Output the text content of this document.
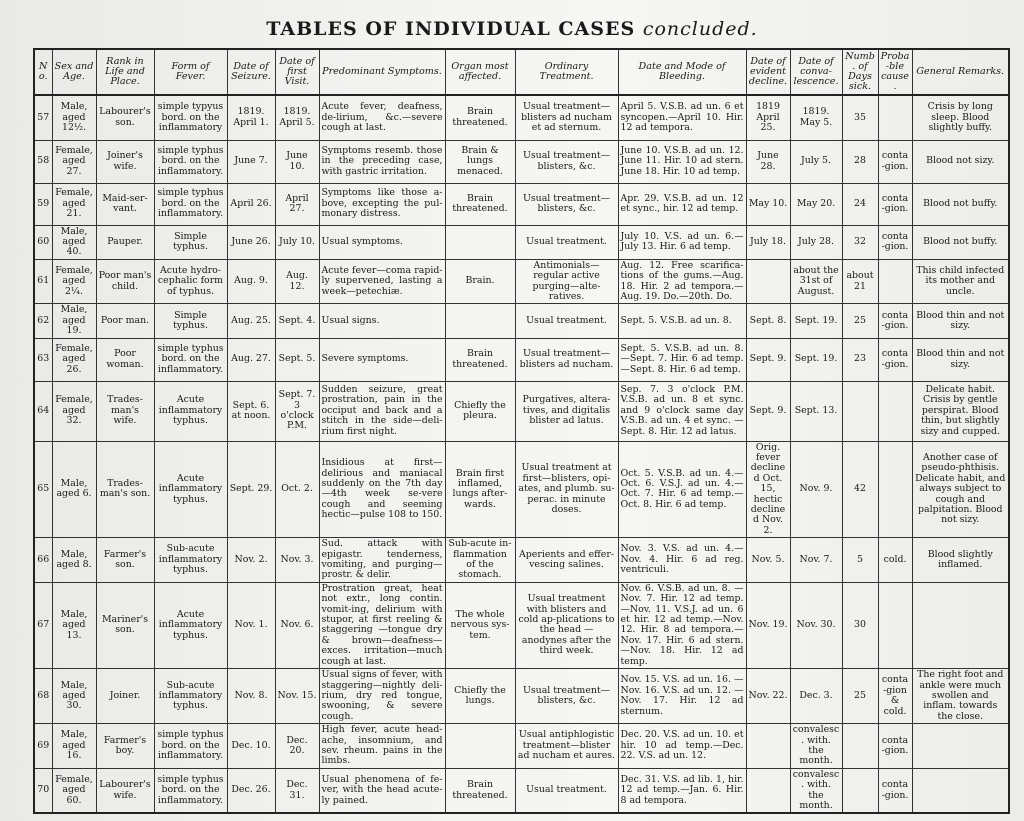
TABLES OF INDIVIDUAL CASES concluded.
No.	Sex and Age.	Rank in Life and Place.	Form of Fever.	Date of Seizure.	Date of first Visit.	Predominant Symptoms.	Organ most affected.	Ordinary Treatment.	Date and Mode of Bleeding.	Date of evident decline.	Date of conva-lescence.	Numb. of Days sick.	Proba-ble cause.	General Remarks.
57	Male, aged 12½.	Labourer's son.	simple typyus bord. on the inflammatory	1819. April 1.	1819. April 5.	Acute fever, deafness, de-lirium, &c.—severe cough at last.	Brain threatened.	Usual treatment—blisters ad nucham et ad sternum.	April 5. V.S.B. ad un. 6 et syncopen.—April 10. Hir. 12 ad tempora.	1819 April 25.	1819. May 5.	35		Crisis by long sleep. Blood slightly buffy.
58	Female, aged 27.	Joiner's wife.	simple typhus bord. on the inflammatory.	June 7.	June 10.	Symptoms resemb. those in the preceding case, with gastric irritation.	Brain & lungs menaced.	Usual treatment—blisters, &c.	June 10. V.S.B. ad un. 12. June 11. Hir. 10 ad stern. June 18. Hir. 10 ad temp.	June 28.	July 5.	28	conta-gion.	Blood not sizy.
59	Female, aged 21.	Maid-ser-vant.	simple typhus bord. on the inflammatory.	April 26.	April 27.	Symptoms like those a-bove, excepting the pul-monary distress.	Brain threatened.	Usual treatment—blisters, &c.	Apr. 29. V.S.B. ad un. 12 et sync., hir. 12 ad temp.	May 10.	May 20.	24	conta-gion.	Blood not buffy.
60	Male, aged 40.	Pauper.	Simple typhus.	June 26.	July 10.	Usual symptoms.		Usual treatment.	July 10. V.S. ad un. 6.—July 13. Hir. 6 ad temp.	July 18.	July 28.	32	conta-gion.	Blood not buffy.
61	Female, aged 2¼.	Poor man's child.	Acute hydro-cephalic form of typhus.	Aug. 9.	Aug. 12.	Acute fever—coma rapid-ly supervened, lasting a week—petechiæ.	Brain.	Antimonials—regular active purging—alte-ratives.	Aug. 12. Free scarifica-tions of the gums.—Aug. 18. Hir. 2 ad tempora.—Aug. 19. Do.—20th. Do.		about the 31st of August.	about 21		This child infected its mother and uncle.
62	Male, aged 19.	Poor man.	Simple typhus.	Aug. 25.	Sept. 4.	Usual signs.		Usual treatment.	Sept. 5. V.S.B. ad un. 8.	Sept. 8.	Sept. 19.	25	conta-gion.	Blood thin and not sizy.
63	Female, aged 26.	Poor woman.	simple typhus bord. on the inflammatory.	Aug. 27.	Sept. 5.	Severe symptoms.	Brain threatened.	Usual treatment—blisters ad nucham.	Sept. 5. V.S.B. ad un. 8. —Sept. 7. Hir. 6 ad temp. —Sept. 8. Hir. 6 ad temp.	Sept. 9.	Sept. 19.	23	conta-gion.	Blood thin and not sizy.
64	Female, aged 32.	Trades-man's wife.	Acute inflammatory typhus.	Sept. 6. at noon.	Sept. 7. 3 o'clock P.M.	Sudden seizure, great prostration, pain in the occiput and back and a stitch in the side—deli-rium first night.	Chiefly the pleura.	Purgatives, altera-tives, and digitalis blister ad latus.	Sep. 7. 3 o'clock P.M. V.S.B. ad un. 8 et sync. and 9 o'clock same day V.S.B. ad un. 4 et sync. —Sept. 8. Hir. 12 ad latus.	Sept. 9.	Sept. 13.			Delicate habit. Crisis by gentle perspirat. Blood thin, but slightly sizy and cupped.
65	Male, aged 6.	Trades-man's son.	Acute inflammatory typhus.	Sept. 29.	Oct. 2.	Insidious at first—delirious and maniacal suddenly on the 7th day—4th week se-vere cough and seeming hectic—pulse 108 to 150.	Brain first inflamed, lungs after-wards.	Usual treatment at first—blisters, opi-ates, and plumb. su-perac. in minute doses.	Oct. 5. V.S.B. ad un. 4.—Oct. 6. V.S.J. ad un. 4.—Oct. 7. Hir. 6 ad temp.—Oct. 8. Hir. 6 ad temp.	Orig. fever declined Oct. 15, hectic declined Nov. 2.	Nov. 9.	42		Another case of pseudo-phthisis. Delicate habit, and always subject to cough and palpitation. Blood not sizy.
66	Male, aged 8.	Farmer's son.	Sub-acute inflammatory typhus.	Nov. 2.	Nov. 3.	Sud. attack with epigastr. tenderness, vomiting, and purging—prostr. & delir.	Sub-acute in-flammation of the stomach.	Aperients and effer-vescing salines.	Nov. 3. V.S. ad un. 4.—Nov. 4. Hir. 6 ad reg. ventriculi.	Nov. 5.	Nov. 7.	5	cold.	Blood slightly inflamed.
67	Male, aged 13.	Mariner's son.	Acute inflammatory typhus.	Nov. 1.	Nov. 6.	Prostration great, heat not extr., long contin. vomit-ing, delirium with stupor, at first reeling & staggering —tongue dry & brown—deafness—exces. irritation—much cough at last.	The whole nervous sys-tem.	Usual treatment with blisters and cold ap-plications to the head —anodynes after the third week.	Nov. 6. V.S.B. ad un. 8. —Nov. 7. Hir. 12 ad temp. —Nov. 11. V.S.J. ad un. 6 et hir. 12 ad temp.—Nov. 12. Hir. 8 ad tempora.—Nov. 17. Hir. 6 ad stern. —Nov. 18. Hir. 12 ad temp.	Nov. 19.	Nov. 30.	30		
68	Male, aged 30.	Joiner.	Sub-acute inflammatory typhus.	Nov. 8.	Nov. 15.	Usual signs of fever, with staggering—nightly deli-rium, dry red tongue, swooning, & severe cough.	Chiefly the lungs.	Usual treatment—blisters, &c.	Nov. 15. V.S. ad un. 16. —Nov. 16. V.S. ad un. 12. —Nov. 17. Hir. 12 ad sternum.	Nov. 22.	Dec. 3.	25	conta-gion & cold.	The right foot and ankle were much swollen and inflam. towards the close.
69	Male, aged 16.	Farmer's boy.	simple typhus bord. on the inflammatory.	Dec. 10.	Dec. 20.	High fever, acute head-ache, insomnium, and sev. rheum. pains in the limbs.		Usual antiphlogistic treatment—blister ad nucham et aures.	Dec. 20. V.S. ad un. 10. et hir. 10 ad temp.—Dec. 22. V.S. ad un. 12.		convalesc. with. the month.		conta-gion.	
70	Female, aged 60.	Labourer's wife.	simple typhus bord. on the inflammatory.	Dec. 26.	Dec. 31.	Usual phenomena of fe-ver, with the head acute-ly pained.	Brain threatened.	Usual treatment.	Dec. 31. V.S. ad lib. 1, hir. 12 ad temp.—Jan. 6. Hir. 8 ad tempora.		convalesc. with. the month.		conta-gion.	
